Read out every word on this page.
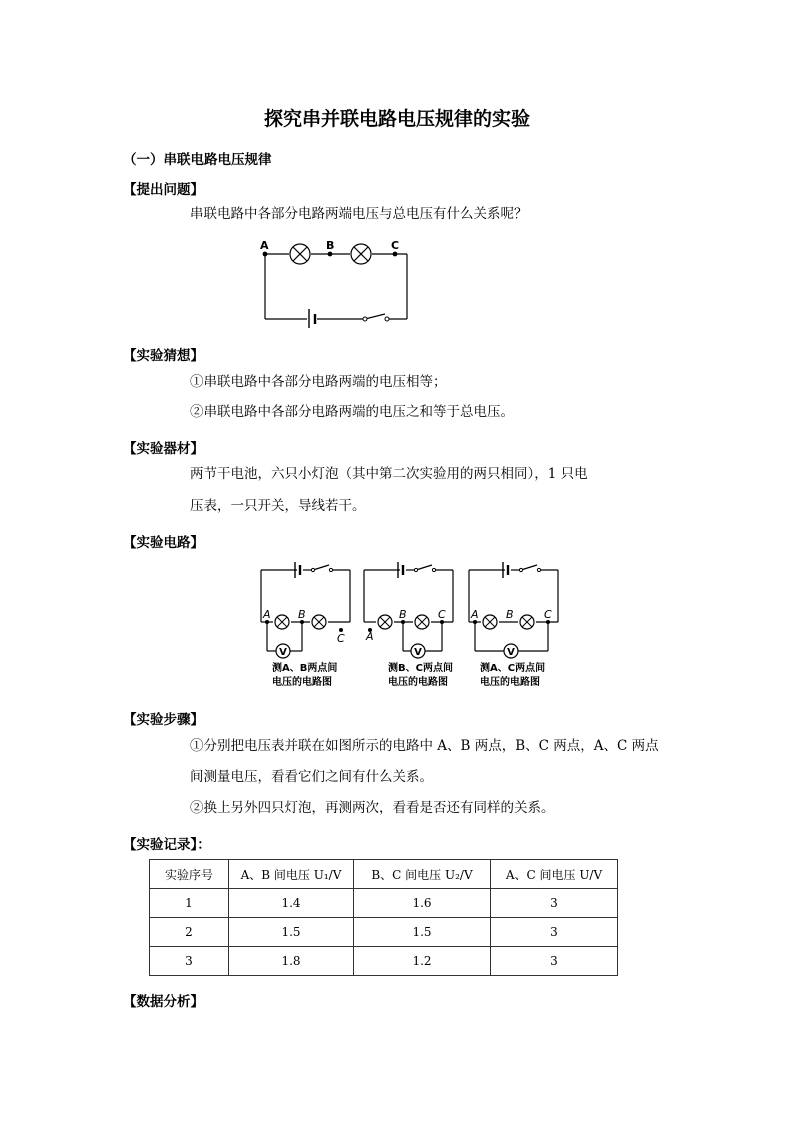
探究串并联电路电压规律的实验
（一）串联电路电压规律
【提出问题】
串联电路中各部分电路两端电压与总电压有什么关系呢？
A	B	C
【实验猜想】
①串联电路中各部分电路两端的电压相等；
②串联电路中各部分电路两端的电压之和等于总电压。
【实验器材】
两节干电池，六只小灯泡（其中第二次实验用的两只相同），1 只电
压表，一只开关，导线若干。
【实验电路】
V
A B
C
测A、B两点间
电压的电路图
V
A
B	C
测B、C两点间
电压的电路图
V
A B	C
测A、C两点间
电压的电路图
【实验步骤】
①分别把电压表并联在如图所示的电路中 A、B 两点，B、C 两点，A、C 两点
间测量电压，看看它们之间有什么关系。
②换上另外四只灯泡，再测两次，看看是否还有同样的关系。
【实验记录】：
实验序号	A、B 间电压 U₁/V	B、C 间电压 U₂/V	A、C 间电压 U/V
1	1.4	1.6	3
2	1.5	1.5	3
3	1.8	1.2	3
【数据分析】
